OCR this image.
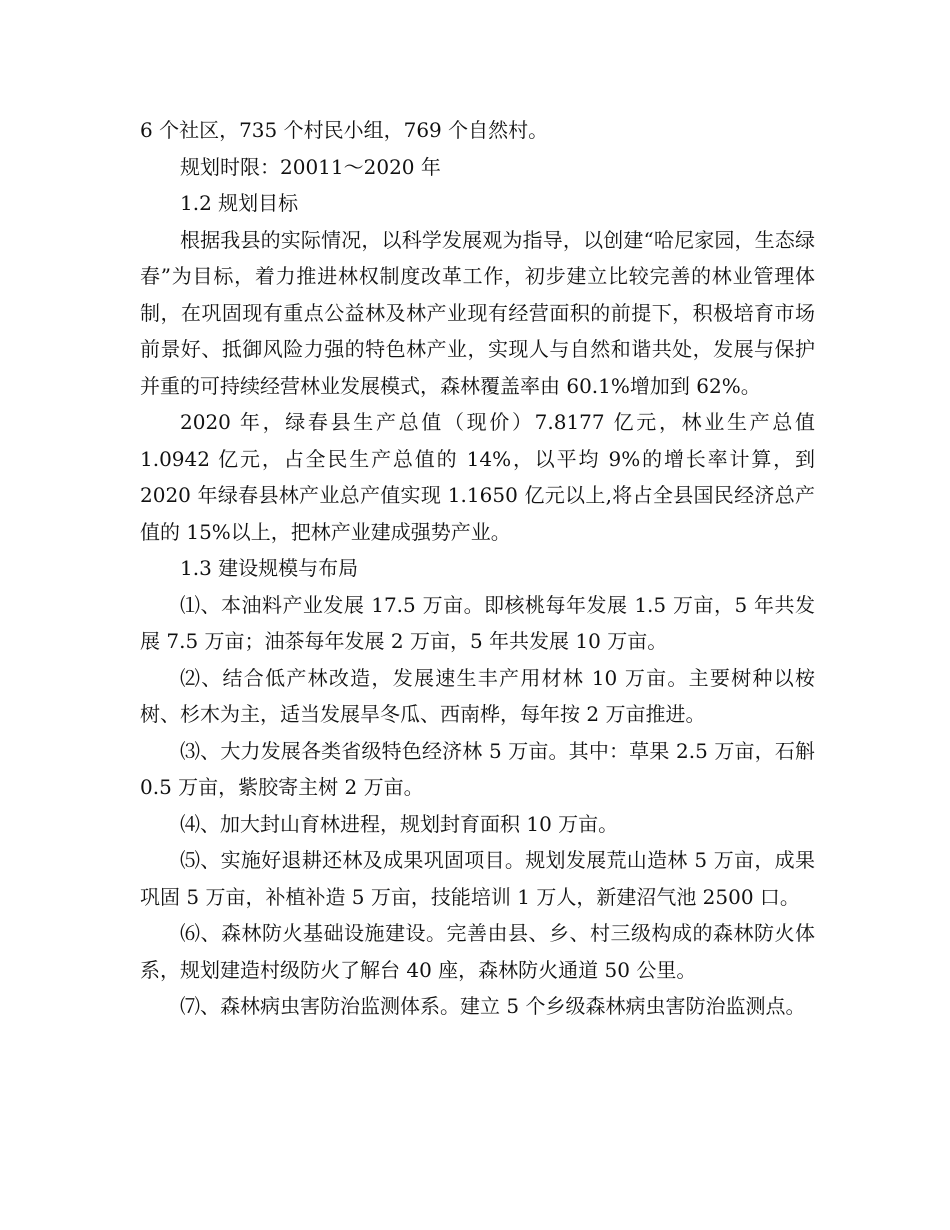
6 个社区，735 个村民小组，769 个自然村。

规划时限：20011～2020 年

1.2 规划目标

根据我县的实际情况，以科学发展观为指导，以创建“哈尼家园，生态绿春”为目标，着力推进林权制度改革工作，初步建立比较完善的林业管理体制，在巩固现有重点公益林及林产业现有经营面积的前提下，积极培育市场前景好、抵御风险力强的特色林产业，实现人与自然和谐共处，发展与保护并重的可持续经营林业发展模式，森林覆盖率由 60.1%增加到 62%。

2020 年，绿春县生产总值（现价）7.8177 亿元，林业生产总值 1.0942 亿元，占全民生产总值的 14%，以平均 9%的增长率计算，到 2020 年绿春县林产业总产值实现 1.1650 亿元以上,将占全县国民经济总产值的 15%以上，把林产业建成强势产业。

1.3 建设规模与布局

⑴、本油料产业发展 17.5 万亩。即核桃每年发展 1.5 万亩，5 年共发展 7.5 万亩；油茶每年发展 2 万亩，5 年共发展 10 万亩。

⑵、结合低产林改造，发展速生丰产用材林 10 万亩。主要树种以桉树、杉木为主，适当发展旱冬瓜、西南桦，每年按 2 万亩推进。

⑶、大力发展各类省级特色经济林 5 万亩。其中：草果 2.5 万亩，石斛 0.5 万亩，紫胶寄主树 2 万亩。

⑷、加大封山育林进程，规划封育面积 10 万亩。

⑸、实施好退耕还林及成果巩固项目。规划发展荒山造林 5 万亩，成果巩固 5 万亩，补植补造 5 万亩，技能培训 1 万人，新建沼气池 2500 口。

⑹、森林防火基础设施建设。完善由县、乡、村三级构成的森林防火体系，规划建造村级防火了解台 40 座，森林防火通道 50 公里。

⑺、森林病虫害防治监测体系。建立 5 个乡级森林病虫害防治监测点。
